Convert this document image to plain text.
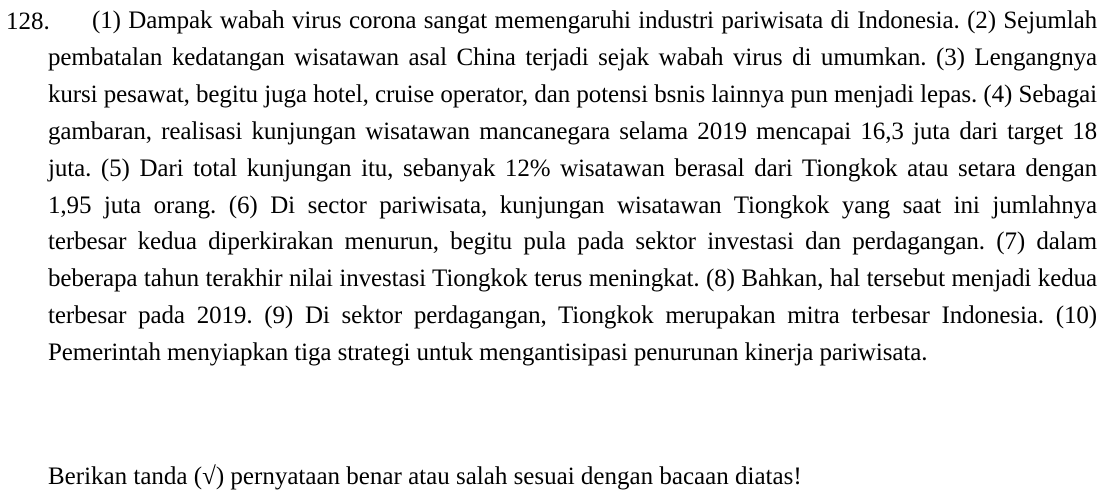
128.	(1) Dampak wabah virus corona sangat memengaruhi industri pariwisata di Indonesia. (2) Sejumlah pembatalan kedatangan wisatawan asal China terjadi sejak wabah virus di umumkan. (3) Lengangnya kursi pesawat, begitu juga hotel, cruise operator, dan potensi bsnis lainnya pun menjadi lepas. (4) Sebagai gambaran, realisasi kunjungan wisatawan mancanegara selama 2019 mencapai 16,3 juta dari target 18 juta. (5) Dari total kunjungan itu, sebanyak 12% wisatawan berasal dari Tiongkok atau setara dengan 1,95 juta orang. (6) Di sector pariwisata, kunjungan wisatawan Tiongkok yang saat ini jumlahnya terbesar kedua diperkirakan menurun, begitu pula pada sektor investasi dan perdagangan. (7) dalam beberapa tahun terakhir nilai investasi Tiongkok terus meningkat. (8) Bahkan, hal tersebut menjadi kedua terbesar pada 2019. (9) Di sektor perdagangan, Tiongkok merupakan mitra terbesar Indonesia. (10) Pemerintah menyiapkan tiga strategi untuk mengantisipasi penurunan kinerja pariwisata.

Berikan tanda (√) pernyataan benar atau salah sesuai dengan bacaan diatas!
